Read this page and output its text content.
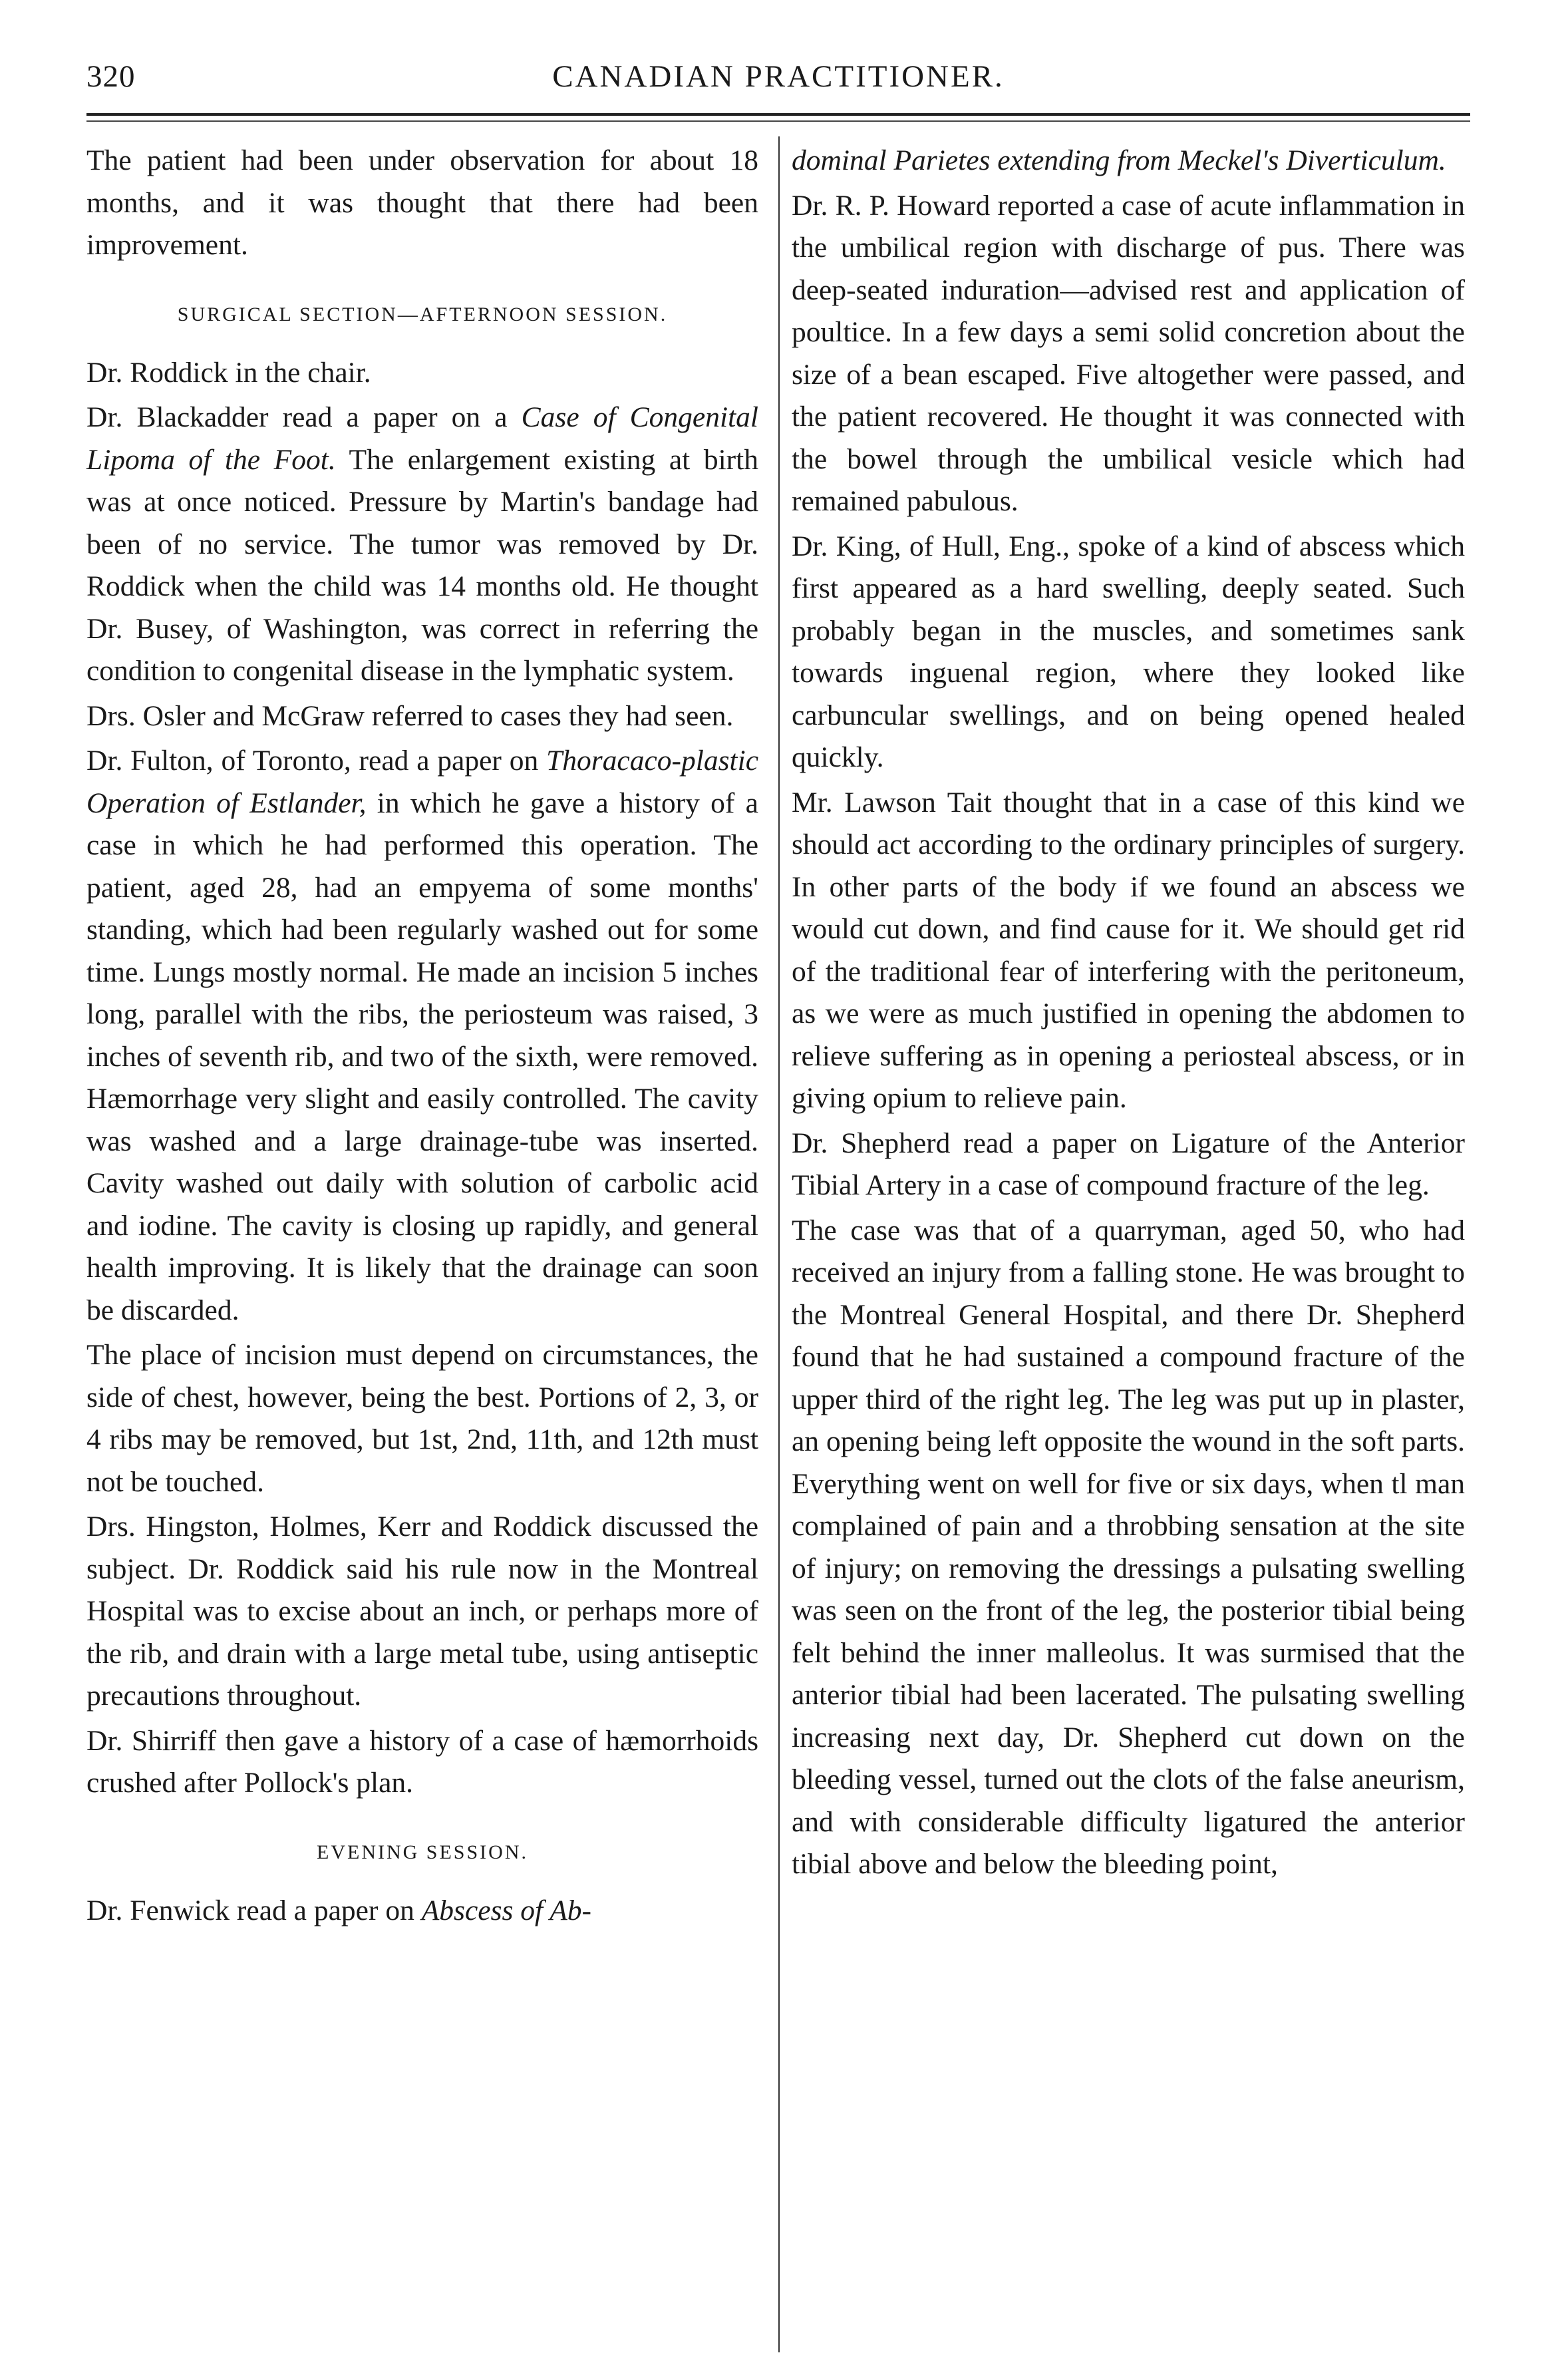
320	CANADIAN PRACTITIONER.

The patient had been under observation for about 18 months, and it was thought that there had been improvement.

SURGICAL SECTION—AFTERNOON SESSION.

Dr. Roddick in the chair.

Dr. Blackadder read a paper on a Case of Congenital Lipoma of the Foot. The enlargement existing at birth was at once noticed. Pressure by Martin's bandage had been of no service. The tumor was removed by Dr. Roddick when the child was 14 months old. He thought Dr. Busey, of Washington, was correct in referring the condition to congenital disease in the lymphatic system.

Drs. Osler and McGraw referred to cases they had seen.

Dr. Fulton, of Toronto, read a paper on Thoracaco-plastic Operation of Estlander, in which he gave a history of a case in which he had performed this operation. The patient, aged 28, had an empyema of some months' standing, which had been regularly washed out for some time. Lungs mostly normal. He made an incision 5 inches long, parallel with the ribs, the periosteum was raised, 3 inches of seventh rib, and two of the sixth, were removed. Hæmorrhage very slight and easily controlled. The cavity was washed and a large drainage-tube was inserted. Cavity washed out daily with solution of carbolic acid and iodine. The cavity is closing up rapidly, and general health improving. It is likely that the drainage can soon be discarded.

The place of incision must depend on circumstances, the side of chest, however, being the best. Portions of 2, 3, or 4 ribs may be removed, but 1st, 2nd, 11th, and 12th must not be touched.

Drs. Hingston, Holmes, Kerr and Roddick discussed the subject. Dr. Roddick said his rule now in the Montreal Hospital was to excise about an inch, or perhaps more of the rib, and drain with a large metal tube, using antiseptic precautions throughout.

Dr. Shirriff then gave a history of a case of hæmorrhoids crushed after Pollock's plan.

EVENING SESSION.

Dr. Fenwick read a paper on Abscess of Ab-

dominal Parietes extending from Meckel's Diverticulum.

Dr. R. P. Howard reported a case of acute inflammation in the umbilical region with discharge of pus. There was deep-seated induration—advised rest and application of poultice. In a few days a semi solid concretion about the size of a bean escaped. Five altogether were passed, and the patient recovered. He thought it was connected with the bowel through the umbilical vesicle which had remained pabulous.

Dr. King, of Hull, Eng., spoke of a kind of abscess which first appeared as a hard swelling, deeply seated. Such probably began in the muscles, and sometimes sank towards inguenal region, where they looked like carbuncular swellings, and on being opened healed quickly.

Mr. Lawson Tait thought that in a case of this kind we should act according to the ordinary principles of surgery. In other parts of the body if we found an abscess we would cut down, and find cause for it. We should get rid of the traditional fear of interfering with the peritoneum, as we were as much justified in opening the abdomen to relieve suffering as in opening a periosteal abscess, or in giving opium to relieve pain.

Dr. Shepherd read a paper on Ligature of the Anterior Tibial Artery in a case of compound fracture of the leg.

The case was that of a quarryman, aged 50, who had received an injury from a falling stone. He was brought to the Montreal General Hospital, and there Dr. Shepherd found that he had sustained a compound fracture of the upper third of the right leg. The leg was put up in plaster, an opening being left opposite the wound in the soft parts. Everything went on well for five or six days, when tl man complained of pain and a throbbing sensation at the site of injury; on removing the dressings a pulsating swelling was seen on the front of the leg, the posterior tibial being felt behind the inner malleolus. It was surmised that the anterior tibial had been lacerated. The pulsating swelling increasing next day, Dr. Shepherd cut down on the bleeding vessel, turned out the clots of the false aneurism, and with considerable difficulty ligatured the anterior tibial above and below the bleeding point,
